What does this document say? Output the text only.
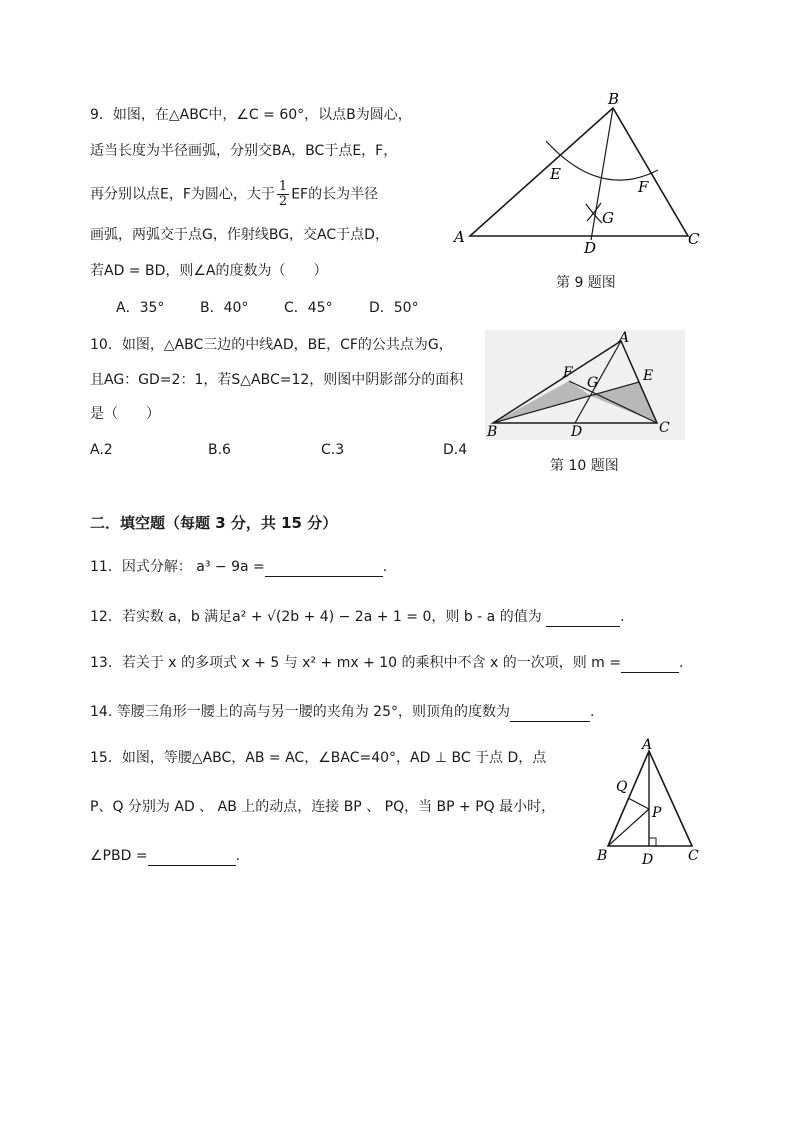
9．如图，在△ABC中，∠C = 60°，以点B为圆心，
适当长度为半径画弧，分别交BA，BC于点E，F，
再分别以点E，F为圆心，大于 $\frac{1}{2}$ EF的长为半径
画弧，两弧交于点G，作射线BG，交AC于点D，
若AD = BD，则∠A的度数为（　　）
A．35°	B．40°	C．45°	D．50°
A
B
C
D
E
F
G
第 9 题图
10．如图，△ABC三边的中线AD，BE，CF的公共点为G，
且AG：GD=2：1，若S△ABC=12，则图中阴影部分的面积
是（　　）
A.2	B.6	C.3	D.4
A
B	C
D
E
F
G
第 10 题图
二．填空题（每题 3 分，共 15 分）
11．因式分解： a³ − 9a =	.
12．若实数 a，b 满足a² + √(2b + 4) − 2a + 1 = 0，则 b - a 的值为	.
13．若关于 x 的多项式 x + 5 与 x² + mx + 10 的乘积中不含 x 的一次项，则 m =	.
14. 等腰三角形一腰上的高与另一腰的夹角为 25°，则顶角的度数为	.
15．如图，等腰△ABC，AB = AC，∠BAC=40°，AD ⊥ BC 于点 D，点
P、Q 分别为 AD 、 AB 上的动点，连接 BP 、 PQ，当 BP + PQ 最小时，
∠PBD =	.
A
B	C
D
P
Q
